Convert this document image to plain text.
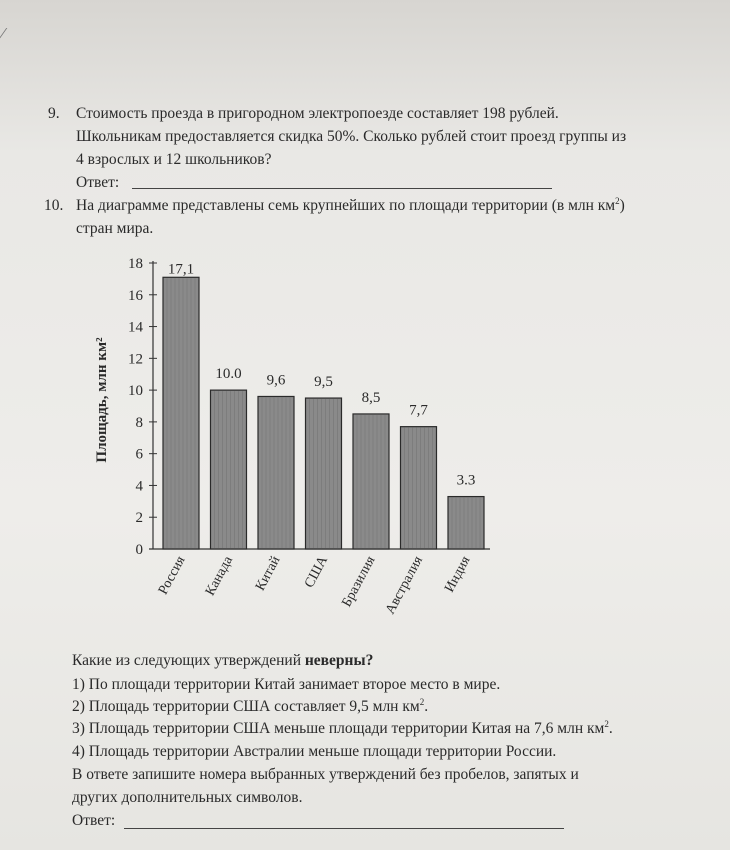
9. Стоимость проезда в пригородном электропоезде составляет 198 рублей.
Школьникам предоставляется скидка 50%. Сколько рублей стоит проезд группы из
4 взрослых и 12 школьников?
Ответ:
10. На диаграмме представлены семь крупнейших по площади территории (в млн $км^2$)
стран мира.
Площадь, млн км²
0
2
4
6
8
10
12
14
16
18 17,1
10.0 9,6 9,5
8,5
7,7
3.3
Россия Канада Китай США Бразилия Австралия Индия
Какие из следующих утверждений неверны?
1) По площади территории Китай занимает второе место в мире.
2) Площадь территории США составляет 9,5 млн $км^2$.
3) Площадь территории США меньше площади территории Китая на 7,6 млн $км^2$.
4) Площадь территории Австралии меньше площади территории России.
В ответе запишите номера выбранных утверждений без пробелов, запятых и
других дополнительных символов.
Ответ:
